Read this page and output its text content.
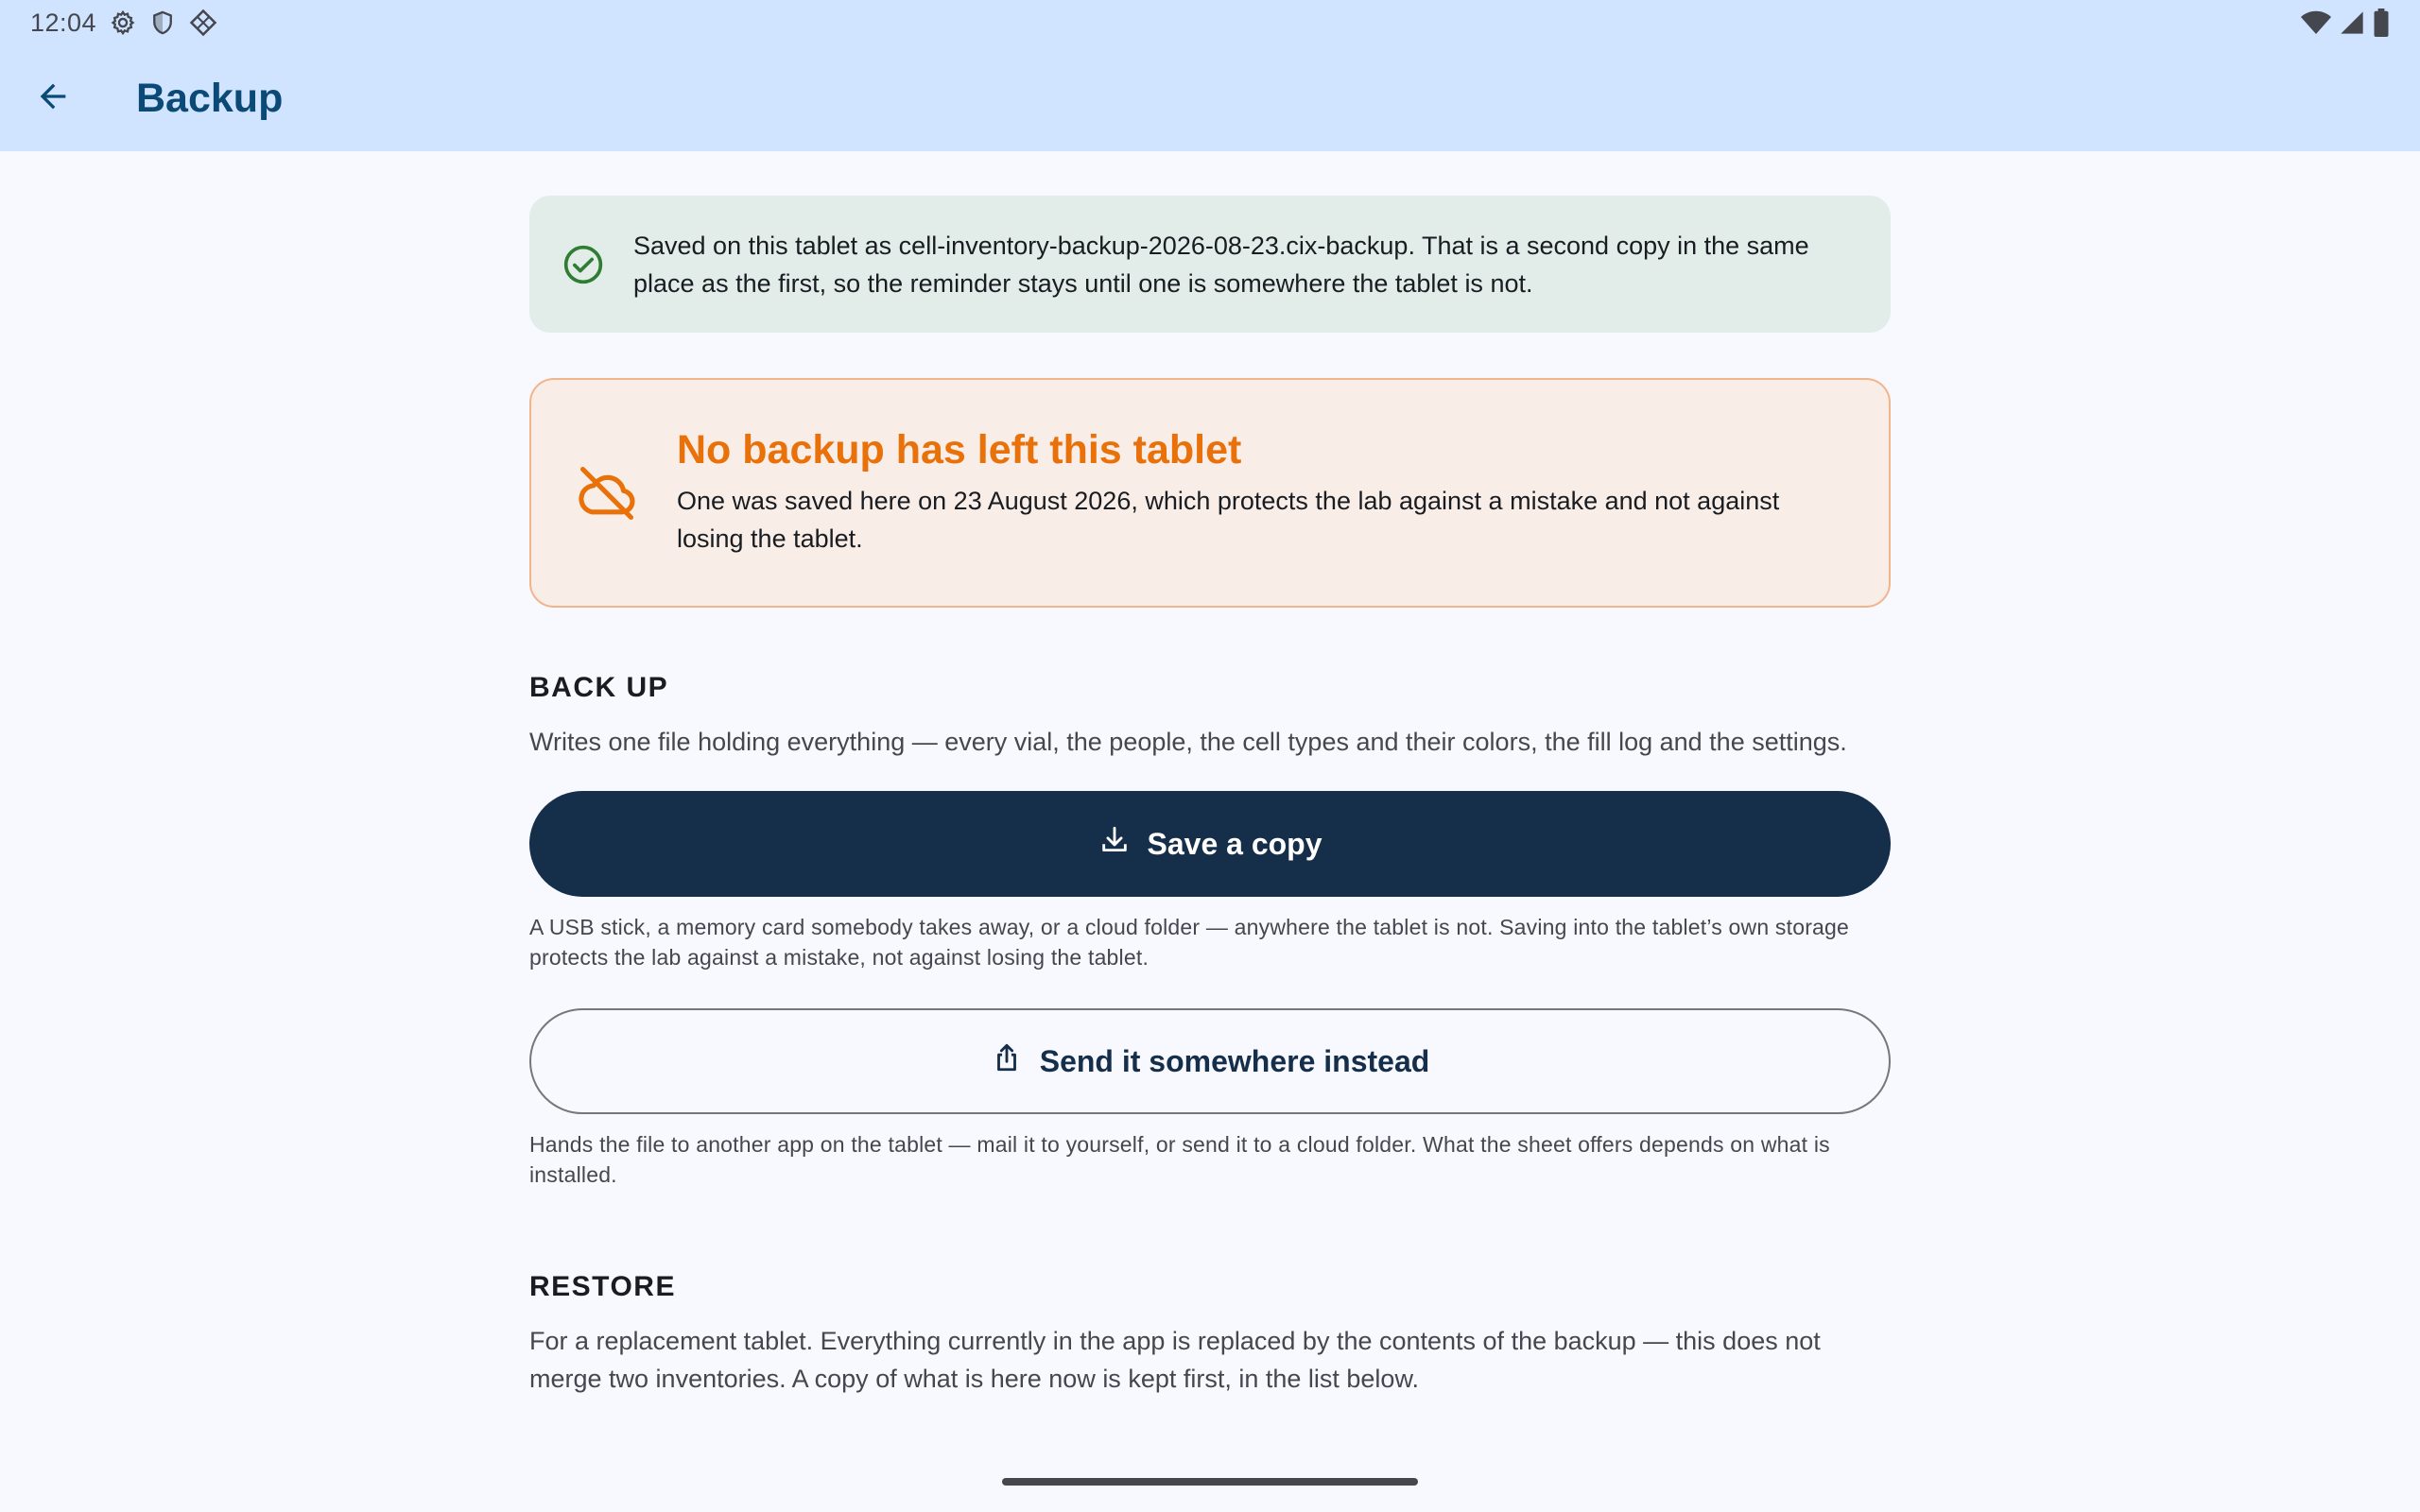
12:04
Backup
Saved on this tablet as cell-inventory-backup-2026-08-23.cix-backup. That is a second copy in the same place as the first, so the reminder stays until one is somewhere the tablet is not.
No backup has left this tablet
One was saved here on 23 August 2026, which protects the lab against a mistake and not against losing the tablet.
BACK UP
Writes one file holding everything — every vial, the people, the cell types and their colors, the fill log and the settings.
Save a copy
A USB stick, a memory card somebody takes away, or a cloud folder — anywhere the tablet is not. Saving into the tablet’s own storage protects the lab against a mistake, not against losing the tablet.
Send it somewhere instead
Hands the file to another app on the tablet — mail it to yourself, or send it to a cloud folder. What the sheet offers depends on what is installed.
RESTORE
For a replacement tablet. Everything currently in the app is replaced by the contents of the backup — this does not merge two inventories. A copy of what is here now is kept first, in the list below.
